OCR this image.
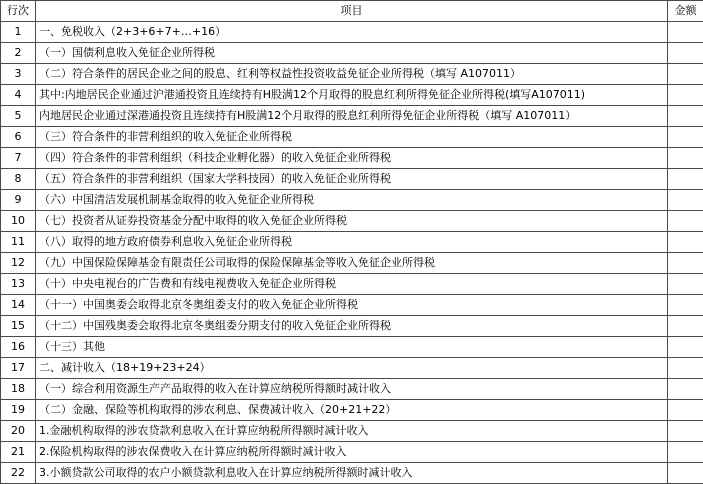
行次	项目	金额
1	一、免税收入（2+3+6+7+…+16）	
2	（一）国债利息收入免征企业所得税	
3	（二）符合条件的居民企业之间的股息、红利等权益性投资收益免征企业所得税（填写 A107011）	
4	其中:内地居民企业通过沪港通投资且连续持有H股满12个月取得的股息红利所得免征企业所得税(填写A107011)	
5	内地居民企业通过深港通投资且连续持有H股满12个月取得的股息红利所得免征企业所得税（填写 A107011）	
6	（三）符合条件的非营利组织的收入免征企业所得税	
7	（四）符合条件的非营利组织（科技企业孵化器）的收入免征企业所得税	
8	（五）符合条件的非营利组织（国家大学科技园）的收入免征企业所得税	
9	（六）中国清洁发展机制基金取得的收入免征企业所得税	
10	（七）投资者从证券投资基金分配中取得的收入免征企业所得税	
11	（八）取得的地方政府债券利息收入免征企业所得税	
12	（九）中国保险保障基金有限责任公司取得的保险保障基金等收入免征企业所得税	
13	（十）中央电视台的广告费和有线电视费收入免征企业所得税	
14	（十一）中国奥委会取得北京冬奥组委支付的收入免征企业所得税	
15	（十二）中国残奥委会取得北京冬奥组委分期支付的收入免征企业所得税	
16	（十三）其他	
17	二、减计收入（18+19+23+24）	
18	（一）综合利用资源生产产品取得的收入在计算应纳税所得额时减计收入	
19	（二）金融、保险等机构取得的涉农利息、保费减计收入（20+21+22）	
20	1.金融机构取得的涉农贷款利息收入在计算应纳税所得额时减计收入	
21	2.保险机构取得的涉农保费收入在计算应纳税所得额时减计收入	
22	3.小额贷款公司取得的农户小额贷款利息收入在计算应纳税所得额时减计收入	
